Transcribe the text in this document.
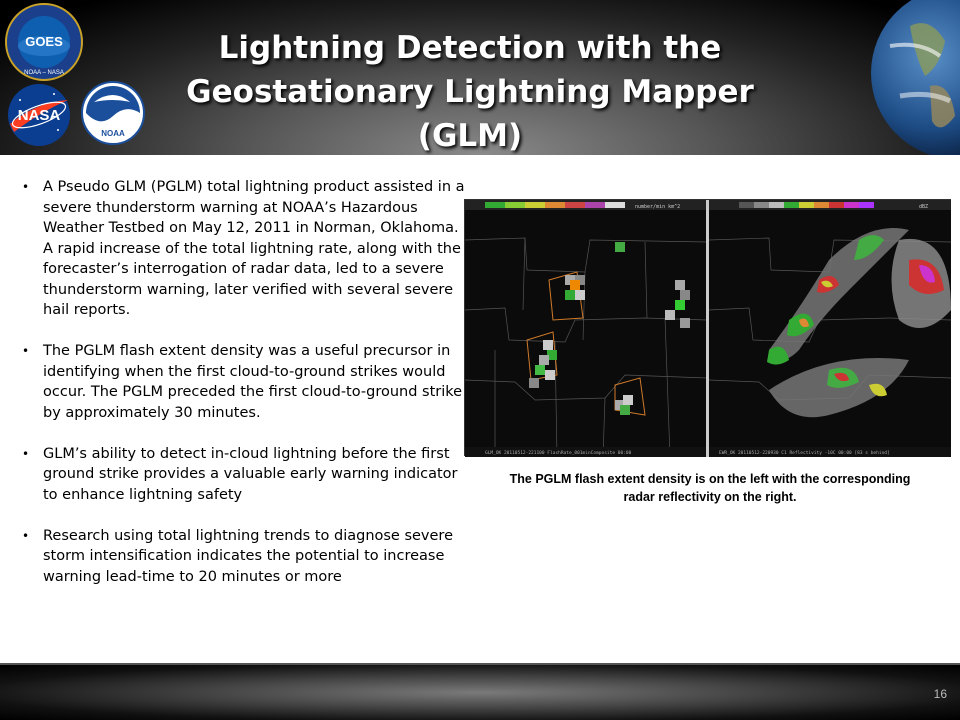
GOES
NOAA – NASA
NASA
NOAA
Lightning Detection with the
Geostationary Lightning Mapper (GLM)
• A Pseudo GLM (PGLM) total lightning product assisted in a severe thunderstorm warning at NOAA’s Hazardous Weather Testbed on May 12, 2011 in Norman, Oklahoma. A rapid increase of the total lightning rate, along with the forecaster’s interrogation of radar data, led to a severe thunderstorm warning, later verified with several severe hail reports.
• The PGLM flash extent density was a useful precursor in identifying when the first cloud-to-ground strikes would occur. The PGLM preceded the first cloud-to-ground strike by approximately 30 minutes.
• GLM’s ability to detect in-cloud lightning before the first ground strike provides a valuable early warning indicator to enhance lightning safety
• Research using total lightning trends to diagnose severe storm intensification indicates the potential to increase warning lead-time to 20 minutes or more
number/min km^2
GLM_OK 20110512-221100 FlashRate_001minComposite 00:00
dBZ
EWR_OK 20110512-220930 C1 Reflectivity -10C 00:00 [83 s behind]
The PGLM flash extent density is on the left with the corresponding radar reflectivity on the right.
16
